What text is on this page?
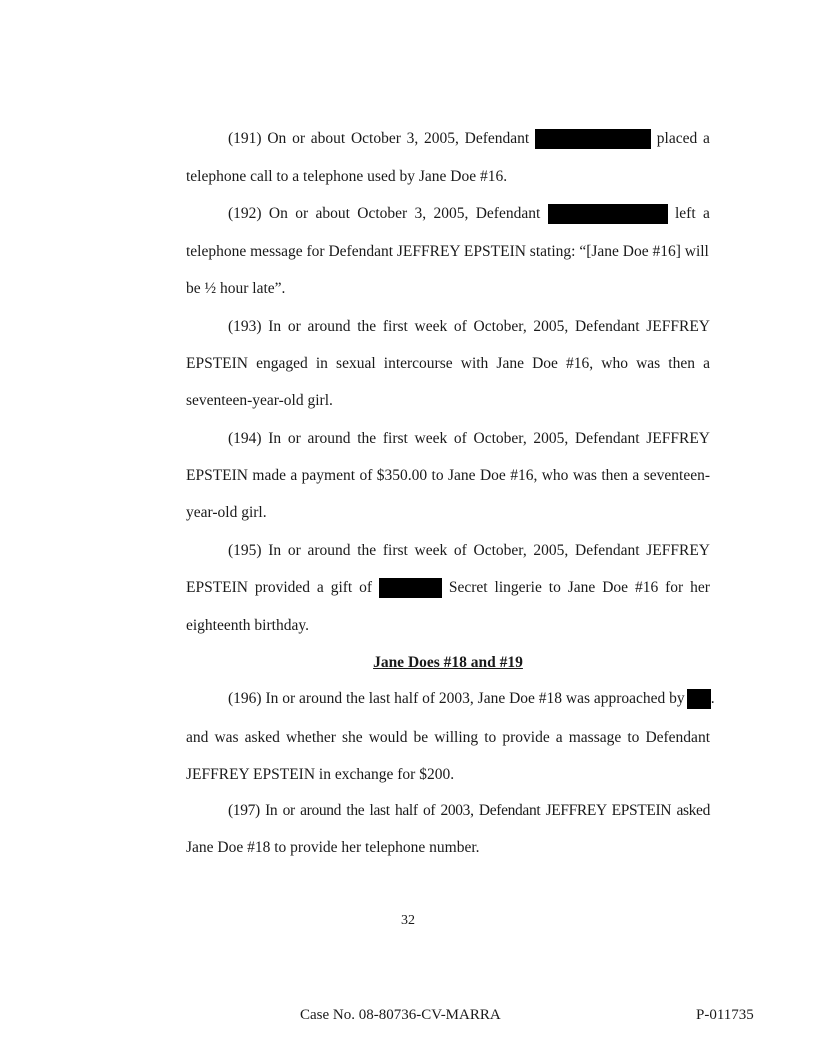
(191) On or about October 3, 2005, Defendant	placed a
telephone call to a telephone used by Jane Doe #16.
(192) On or about October 3, 2005, Defendant	left a
telephone message for Defendant JEFFREY EPSTEIN stating: “[Jane Doe #16] will
be ½ hour late”.
(193) In or around the first week of October, 2005, Defendant JEFFREY
EPSTEIN engaged in sexual intercourse with Jane Doe #16, who was then a
seventeen-year-old girl.
(194) In or around the first week of October, 2005, Defendant JEFFREY
EPSTEIN made a payment of $350.00 to Jane Doe #16, who was then a seventeen-
year-old girl.
(195) In or around the first week of October, 2005, Defendant JEFFREY
EPSTEIN provided a gift of	Secret lingerie to Jane Doe #16 for her
eighteenth birthday.
Jane Does #18 and #19
(196) In or around the last half of 2003, Jane Doe #18 was approached by .
and was asked whether she would be willing to provide a massage to Defendant
JEFFREY EPSTEIN in exchange for $200.
(197) In or around the last half of 2003, Defendant JEFFREY EPSTEIN asked
Jane Doe #18 to provide her telephone number.
32
Case No. 08-80736-CV-MARRA	P-011735
